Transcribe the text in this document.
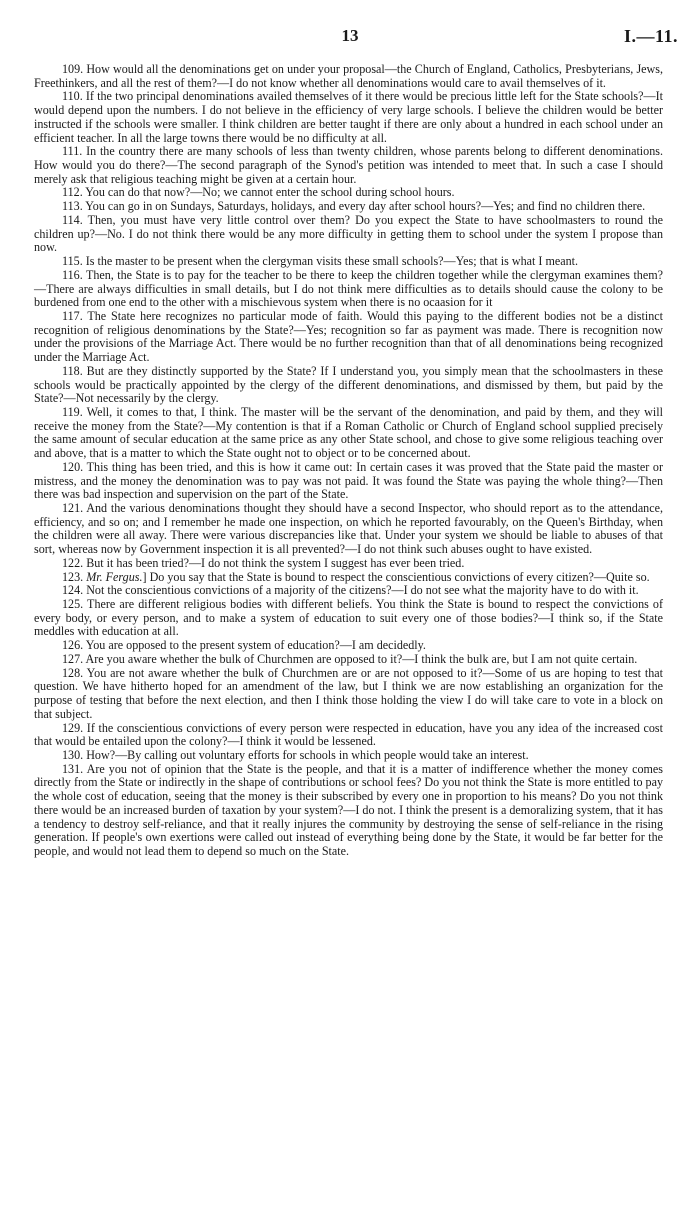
13	I.—11.

109. How would all the denominations get on under your proposal—the Church of England, Catholics, Presbyterians, Jews, Freethinkers, and all the rest of them?—I do not know whether all denominations would care to avail themselves of it.

110. If the two principal denominations availed themselves of it there would be precious little left for the State schools?—It would depend upon the numbers. I do not believe in the efficiency of very large schools. I believe the children would be better instructed if the schools were smaller. I think children are better taught if there are only about a hundred in each school under an efficient teacher. In all the large towns there would be no difficulty at all.

111. In the country there are many schools of less than twenty children, whose parents belong to different denominations. How would you do there?—The second paragraph of the Synod's petition was intended to meet that. In such a case I should merely ask that religious teaching might be given at a certain hour.

112. You can do that now?—No; we cannot enter the school during school hours.

113. You can go in on Sundays, Saturdays, holidays, and every day after school hours?—Yes; and find no children there.

114. Then, you must have very little control over them? Do you expect the State to have schoolmasters to round the children up?—No. I do not think there would be any more difficulty in getting them to school under the system I propose than now.

115. Is the master to be present when the clergyman visits these small schools?—Yes; that is what I meant.

116. Then, the State is to pay for the teacher to be there to keep the children together while the clergyman examines them?—There are always difficulties in small details, but I do not think mere difficulties as to details should cause the colony to be burdened from one end to the other with a mischievous system when there is no ocaasion for it

117. The State here recognizes no particular mode of faith. Would this paying to the different bodies not be a distinct recognition of religious denominations by the State?—Yes; recognition so far as payment was made. There is recognition now under the provisions of the Marriage Act. There would be no further recognition than that of all denominations being recognized under the Marriage Act.

118. But are they distinctly supported by the State? If I understand you, you simply mean that the schoolmasters in these schools would be practically appointed by the clergy of the different denominations, and dismissed by them, but paid by the State?—Not necessarily by the clergy.

119. Well, it comes to that, I think. The master will be the servant of the denomination, and paid by them, and they will receive the money from the State?—My contention is that if a Roman Catholic or Church of England school supplied precisely the same amount of secular education at the same price as any other State school, and chose to give some religious teaching over and above, that is a matter to which the State ought not to object or to be concerned about.

120. This thing has been tried, and this is how it came out: In certain cases it was proved that the State paid the master or mistress, and the money the denomination was to pay was not paid. It was found the State was paying the whole thing?—Then there was bad inspection and supervision on the part of the State.

121. And the various denominations thought they should have a second Inspector, who should report as to the attendance, efficiency, and so on; and I remember he made one inspection, on which he reported favourably, on the Queen's Birthday, when the children were all away. There were various discrepancies like that. Under your system we should be liable to abuses of that sort, whereas now by Government inspection it is all prevented?—I do not think such abuses ought to have existed.

122. But it has been tried?—I do not think the system I suggest has ever been tried.

123. Mr. Fergus.] Do you say that the State is bound to respect the conscientious convictions of every citizen?—Quite so.

124. Not the conscientious convictions of a majority of the citizens?—I do not see what the majority have to do with it.

125. There are different religious bodies with different beliefs. You think the State is bound to respect the convictions of every body, or every person, and to make a system of education to suit every one of those bodies?—I think so, if the State meddles with education at all.

126. You are opposed to the present system of education?—I am decidedly.

127. Are you aware whether the bulk of Churchmen are opposed to it?—I think the bulk are, but I am not quite certain.

128. You are not aware whether the bulk of Churchmen are or are not opposed to it?—Some of us are hoping to test that question. We have hitherto hoped for an amendment of the law, but I think we are now establishing an organization for the purpose of testing that before the next election, and then I think those holding the view I do will take care to vote in a block on that subject.

129. If the conscientious convictions of every person were respected in education, have you any idea of the increased cost that would be entailed upon the colony?—I think it would be lessened.

130. How?—By calling out voluntary efforts for schools in which people would take an interest.

131. Are you not of opinion that the State is the people, and that it is a matter of indifference whether the money comes directly from the State or indirectly in the shape of contributions or school fees? Do you not think the State is more entitled to pay the whole cost of education, seeing that the money is their subscribed by every one in proportion to his means? Do you not think there would be an increased burden of taxation by your system?—I do not. I think the present is a demoralizing system, that it has a tendency to destroy self-reliance, and that it really injures the community by destroying the sense of self-reliance in the rising generation. If people's own exertions were called out instead of everything being done by the State, it would be far better for the people, and would not lead them to depend so much on the State.
